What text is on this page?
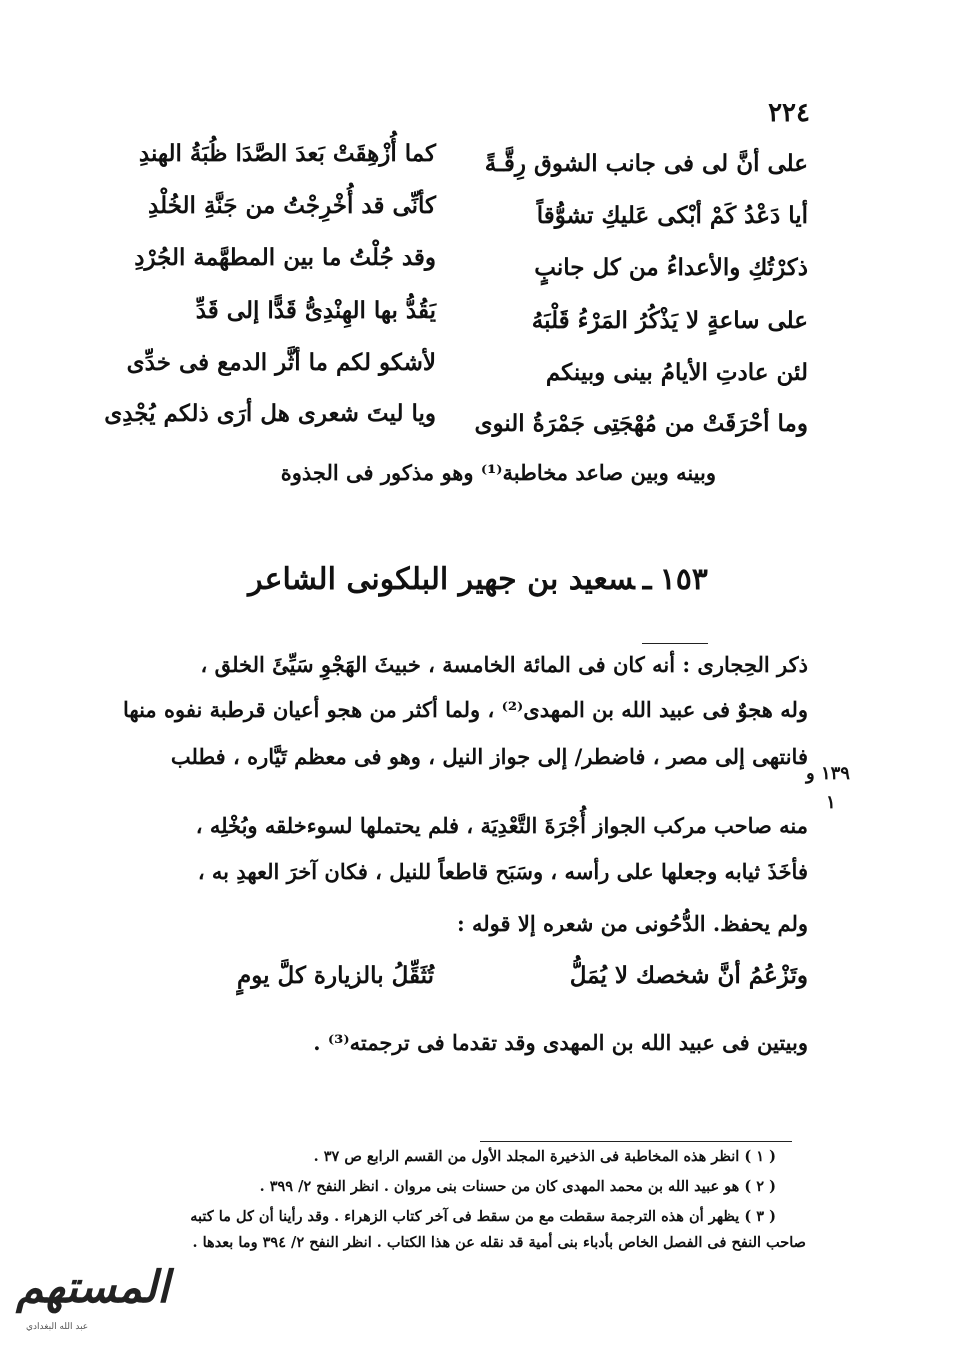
٢٢٤
على أنَّ لى فى جانب الشوق رِقَّـةً
أيا دَعْدُ كَمْ أبْكى عَليكِ تشوُّقاً
ذكرْتُكِ والأعداءُ من كل جانبٍ
على ساعةٍ لا يَذْكُرُ المَرْءُ قَلْبَهُ
لئن عادتِ الأيامُ بينى وبينكم
وما أحْرَقَتْ من مُهْجَتِى جَمْرَةُ النوى
كما أُزْهِقَتْ بَعدَ الصَّدَا ظُبَةُ الهندِ
كأنِّى قد أُخْرِجْتُ من جَنَّةِ الخُلْدِ
وقد جُلْتُ ما بين المطهَّمة الجُرْدِ
يَقُدُّ بها الهِنْدِىُّ قَدًّا إلى قَدِّ
لأشكو لكم ما أثَّر الدمع فى خدِّى
ويا ليتَ شعرى هل أرَى ذلكم يُجْدِى
وبينه وبين صاعد مخاطبة⁽¹⁾ وهو مذكور فى الجذوة
١٥٣ـسعيد بن جهير البلكونى الشاعر
ذكر الحِجارى : أنه كان فى المائة الخامسة ، خبيثَ الهَجْوِ سَيِّئَ الخلق ،
وله هجوٌ فى عبيد الله بن المهدى⁽²⁾ ، ولما أكثر من هجو أعيان قرطبة نفوه منها
فانتهى إلى مصر ، فاضطر/ إلى جواز النيل ، وهو فى معظم تَيَّاره ، فطلب
منه صاحب مركب الجواز أُجْرَةَ التَّعْدِيَة ، فلم يحتملها لسوءخلقه وبُخْلِه ،
فأخَذَ ثيابه وجعلها على رأسه ، وسَبَح قاطعاً للنيل ، فكان آخرَ العهدِ به ،
ولم يحفظ. الدُّحُونى من شعره إلا قوله :
١٣٩ و
١
وتَزْعُمُ أنَّ شخصك لا يُمَلُّ
تُثَقِّلُ بالزيارة كلَّ يومٍ
وبيتين فى عبيد الله بن المهدى وقد تقدما فى ترجمته⁽³⁾ .
( ١ ) انظر هذه المخاطبة فى الذخيرة المجلد الأول من القسم الرابع ص ٣٧ .
( ٢ ) هو عبيد الله بن محمد المهدى كان من حسنات بنى مروان . انظر النفح ٢/ ٣٩٩ .
( ٣ ) يظهر أن هذه الترجمة سقطت مع من سقط فى آخر كتاب الزهراء . وقد رأينا أن كل ما كتبه
صاحب النفح فى الفصل الخاص بأدباء بنى أمية قد نقله عن هذا الكتاب . انظر النفح ٢/ ٣٩٤ وما بعدها .
المستهم
عبد الله البغدادي
